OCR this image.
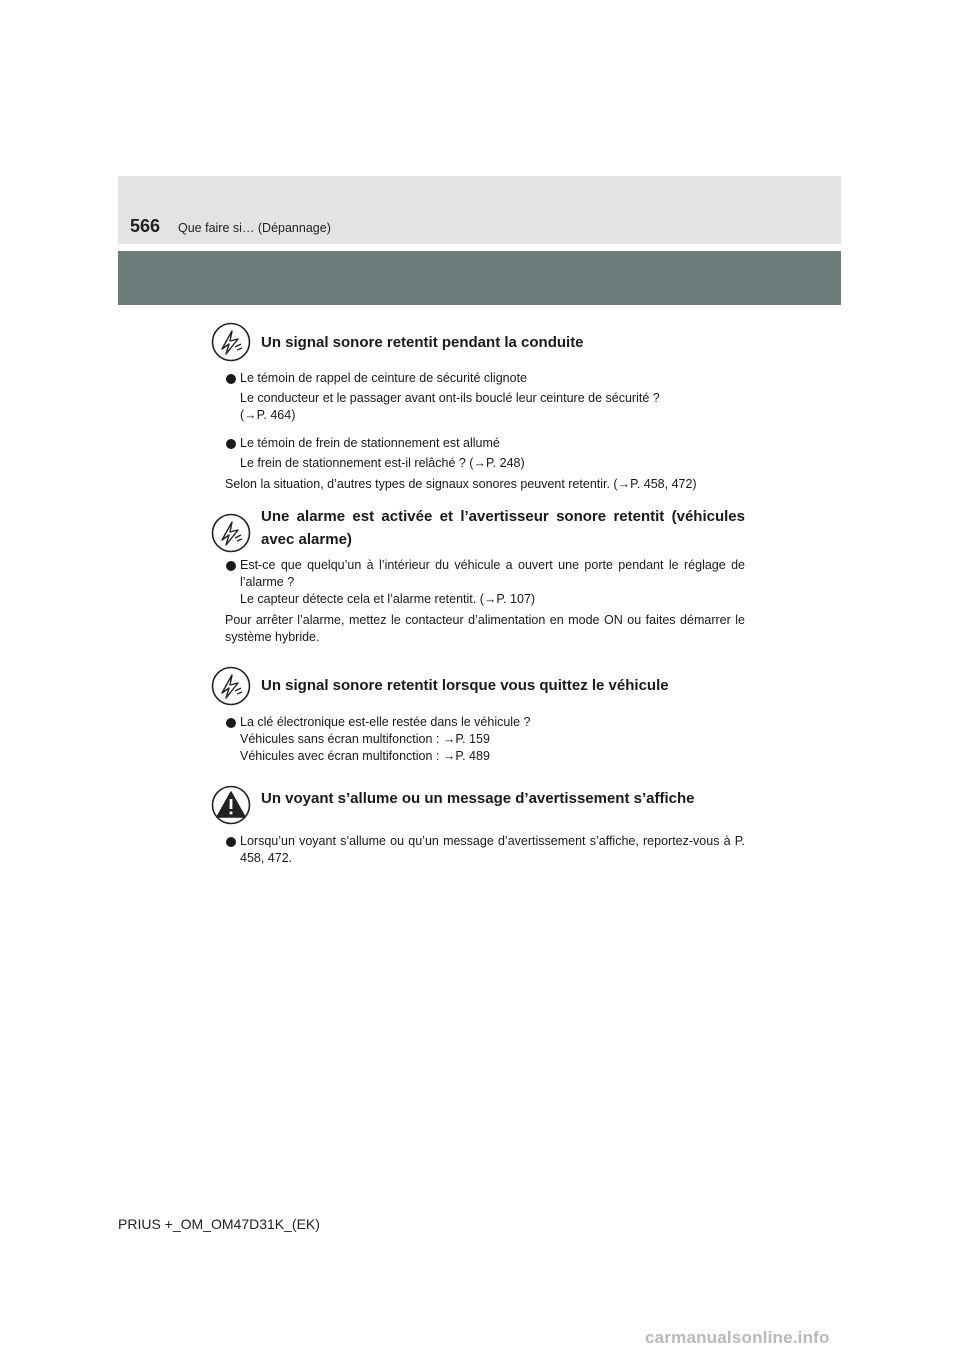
566 Que faire si… (Dépannage)
Un signal sonore retentit pendant la conduite
Le témoin de rappel de ceinture de sécurité clignote
Le conducteur et le passager avant ont-ils bouclé leur ceinture de sécurité ?
(→P. 464)
Le témoin de frein de stationnement est allumé
Le frein de stationnement est-il relâché ? (→P. 248)
Selon la situation, d’autres types de signaux sonores peuvent retentir. (→P. 458, 472)
Une alarme est activée et l’avertisseur sonore retentit (véhicules avec alarme)
Est-ce que quelqu’un à l’intérieur du véhicule a ouvert une porte pendant le réglage de l’alarme ?
Le capteur détecte cela et l’alarme retentit. (→P. 107)
Pour arrêter l’alarme, mettez le contacteur d’alimentation en mode ON ou faites démarrer le système hybride.
Un signal sonore retentit lorsque vous quittez le véhicule
La clé électronique est-elle restée dans le véhicule ?
Véhicules sans écran multifonction : →P. 159
Véhicules avec écran multifonction : →P. 489
Un voyant s’allume ou un message d’avertissement s’affiche
Lorsqu’un voyant s’allume ou qu’un message d’avertissement s’affiche, reportez-vous à P. 458, 472.
PRIUS +_OM_OM47D31K_(EK)
carmanualsonline.info
